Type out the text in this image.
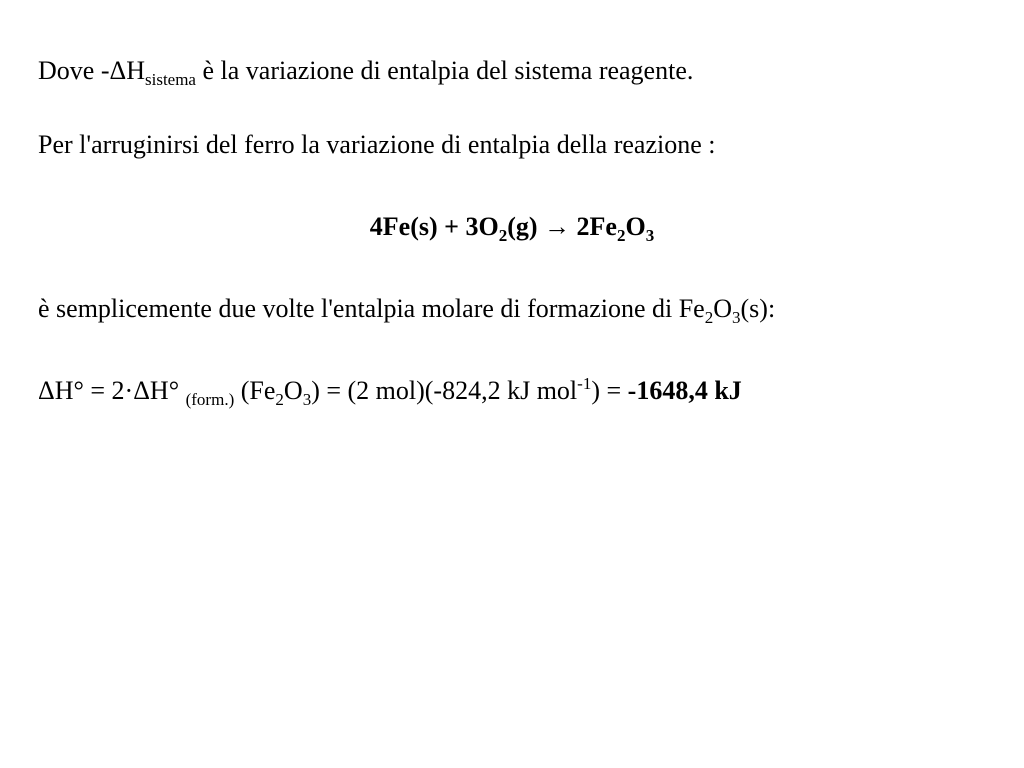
Dove $-\Delta H_{sistema}$ è la variazione di entalpia del sistema reagente.
Per l'arruginirsi del ferro la variazione di entalpia della reazione :
$4Fe(s) + 3O_2(g) \to 2Fe_2O_3$
è semplicemente due volte l'entalpia molare di formazione di $Fe_2O_3(s)$:
ΔH° = 2·ΔH° $_{(form.)}$ $(Fe_2O_3) = (2$ mol)(-824,2 kJ mol$^{-1}$) = -1648,4 kJ
